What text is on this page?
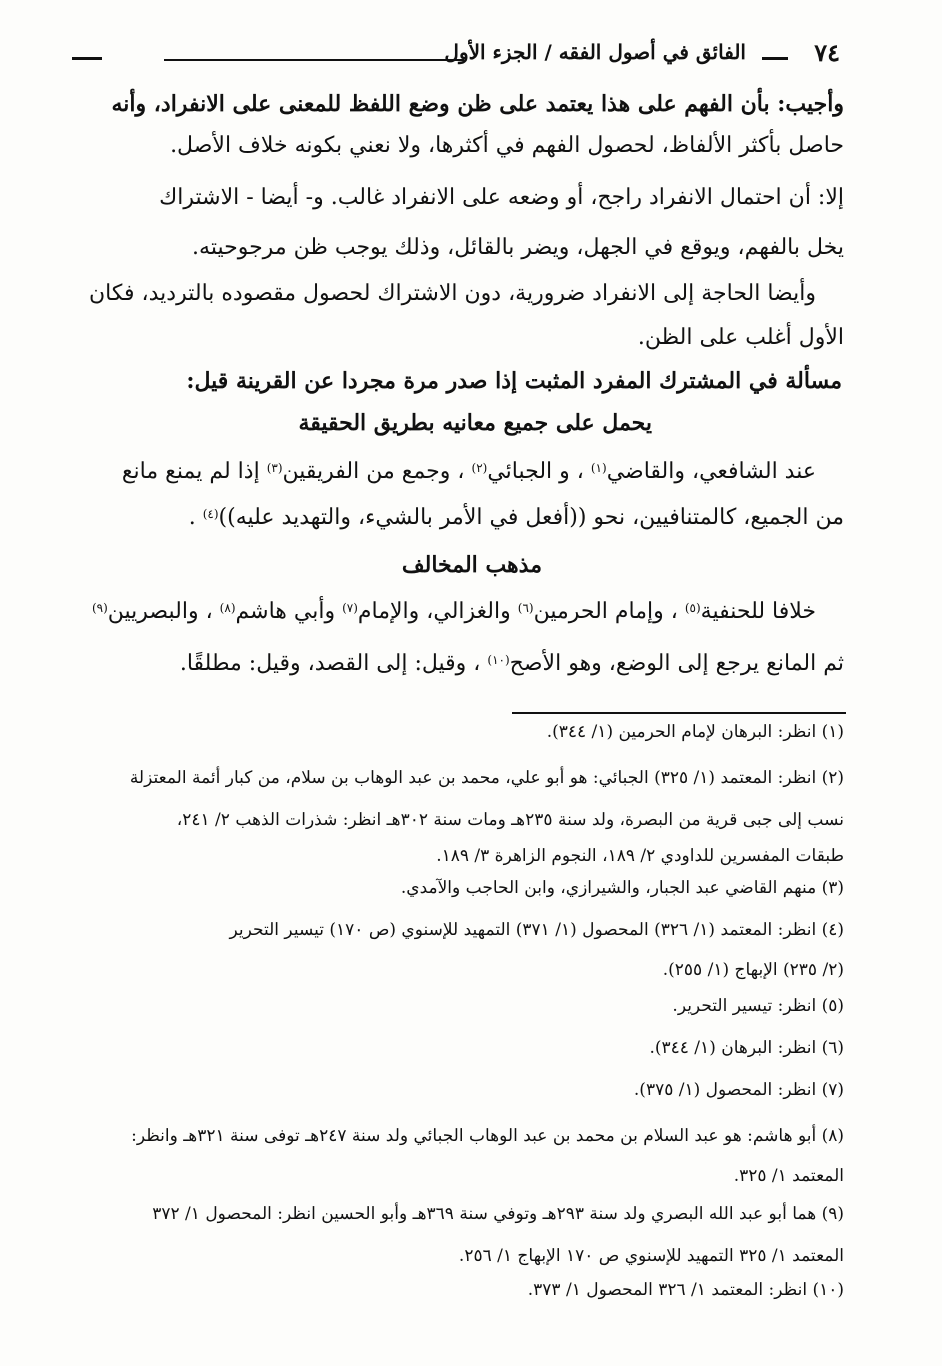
٧٤
الفائق في أصول الفقه / الجزء الأول
وأجيب: بأن الفهم على هذا يعتمد على ظن وضع اللفظ للمعنى على الانفراد، وأنه
حاصل بأكثر الألفاظ، لحصول الفهم في أكثرها، ولا نعني بكونه خلاف الأصل.
إلا: أن احتمال الانفراد راجح، أو وضعه على الانفراد غالب. و- أيضا - الاشتراك
يخل بالفهم، ويوقع في الجهل، ويضر بالقائل، وذلك يوجب ظن مرجوحيته.
وأيضا الحاجة إلى الانفراد ضرورية، دون الاشتراك لحصول مقصوده بالترديد، فكان
الأول أغلب على الظن.
مسألة في المشترك المفرد المثبت إذا صدر مرة مجردا عن القرينة قيل:
يحمل على جميع معانيه بطريق الحقيقة
عند الشافعي، والقاضي$^{(١)}$ ، و الجبائي$^{(٢)}$ ، وجمع من الفريقين$^{(٣)}$ إذا لم يمنع مانع
من الجميع، كالمتنافيين، نحو ((أفعل في الأمر بالشيء، والتهديد عليه))$^{(٤)}$ .
مذهب المخالف
خلافا للحنفية$^{(٥)}$ ، وإمام الحرمين$^{(٦)}$ والغزالي، والإمام$^{(٧)}$ وأبي هاشم$^{(٨)}$ ، والبصريين$^{(٩)}$
ثم المانع يرجع إلى الوضع، وهو الأصح$^{(١٠)}$ ، وقيل: إلى القصد، وقيل: مطلقًا.
(١) انظر: البرهان لإمام الحرمين (١/ ٣٤٤).
(٢) انظر: المعتمد (١/ ٣٢٥) الجبائي: هو أبو علي، محمد بن عبد الوهاب بن سلام، من كبار أئمة المعتزلة
نسب إلى جبى قرية من البصرة، ولد سنة ٢٣٥هـ ومات سنة ٣٠٢هـ انظر: شذرات الذهب ٢/ ٢٤١،
طبقات المفسرين للداودي ٢/ ١٨٩، النجوم الزاهرة ٣/ ١٨٩.
(٣) منهم القاضي عبد الجبار، والشيرازي، وابن الحاجب والآمدي.
(٤) انظر: المعتمد (١/ ٣٢٦) المحصول (١/ ٣٧١) التمهيد للإسنوي (ص ١٧٠) تيسير التحرير
(٢/ ٢٣٥) الإبهاج (١/ ٢٥٥).
(٥) انظر: تيسير التحرير.
(٦) انظر: البرهان (١/ ٣٤٤).
(٧) انظر: المحصول (١/ ٣٧٥).
(٨) أبو هاشم: هو عبد السلام بن محمد بن عبد الوهاب الجبائي ولد سنة ٢٤٧هـ توفى سنة ٣٢١هـ وانظر:
المعتمد ١/ ٣٢٥.
(٩) هما أبو عبد الله البصري ولد سنة ٢٩٣هـ وتوفي سنة ٣٦٩هـ وأبو الحسين انظر: المحصول ١/ ٣٧٢
المعتمد ١/ ٣٢٥ التمهيد للإسنوي ص ١٧٠ الإبهاج ١/ ٢٥٦.
(١٠) انظر: المعتمد ١/ ٣٢٦ المحصول ١/ ٣٧٣.
